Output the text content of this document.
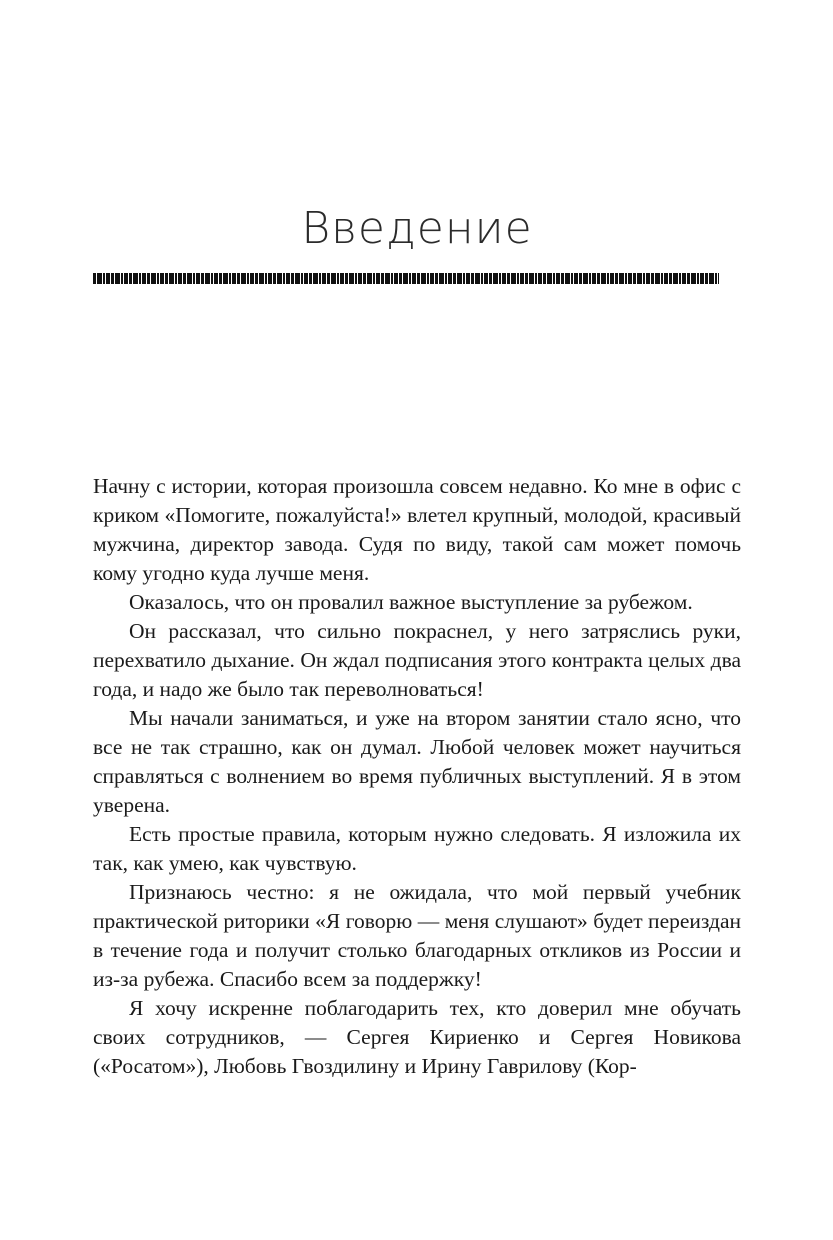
Введение

Начну с истории, которая произошла совсем недавно. Ко мне в офис с криком «Помогите, пожалуйста!» влетел крупный, молодой, красивый мужчина, директор завода. Судя по виду, такой сам может помочь кому угодно куда лучше меня.

Оказалось, что он провалил важное выступление за рубежом.

Он рассказал, что сильно покраснел, у него затряслись руки, перехватило дыхание. Он ждал подписания этого контракта целых два года, и надо же было так переволноваться!

Мы начали заниматься, и уже на втором занятии стало ясно, что все не так страшно, как он думал. Любой человек может научиться справляться с волнением во время публичных выступлений. Я в этом уверена.

Есть простые правила, которым нужно следовать. Я изложила их так, как умею, как чувствую.

Признаюсь честно: я не ожидала, что мой первый учебник практической риторики «Я говорю — меня слушают» будет переиздан в течение года и получит столько благодарных откликов из России и из-за рубежа. Спасибо всем за поддержку!

Я хочу искренне поблагодарить тех, кто доверил мне обучать своих сотрудников, — Сергея Кириенко и Сергея Новикова («Росатом»), Любовь Гвоздилину и Ирину Гаврилову (Кор-
